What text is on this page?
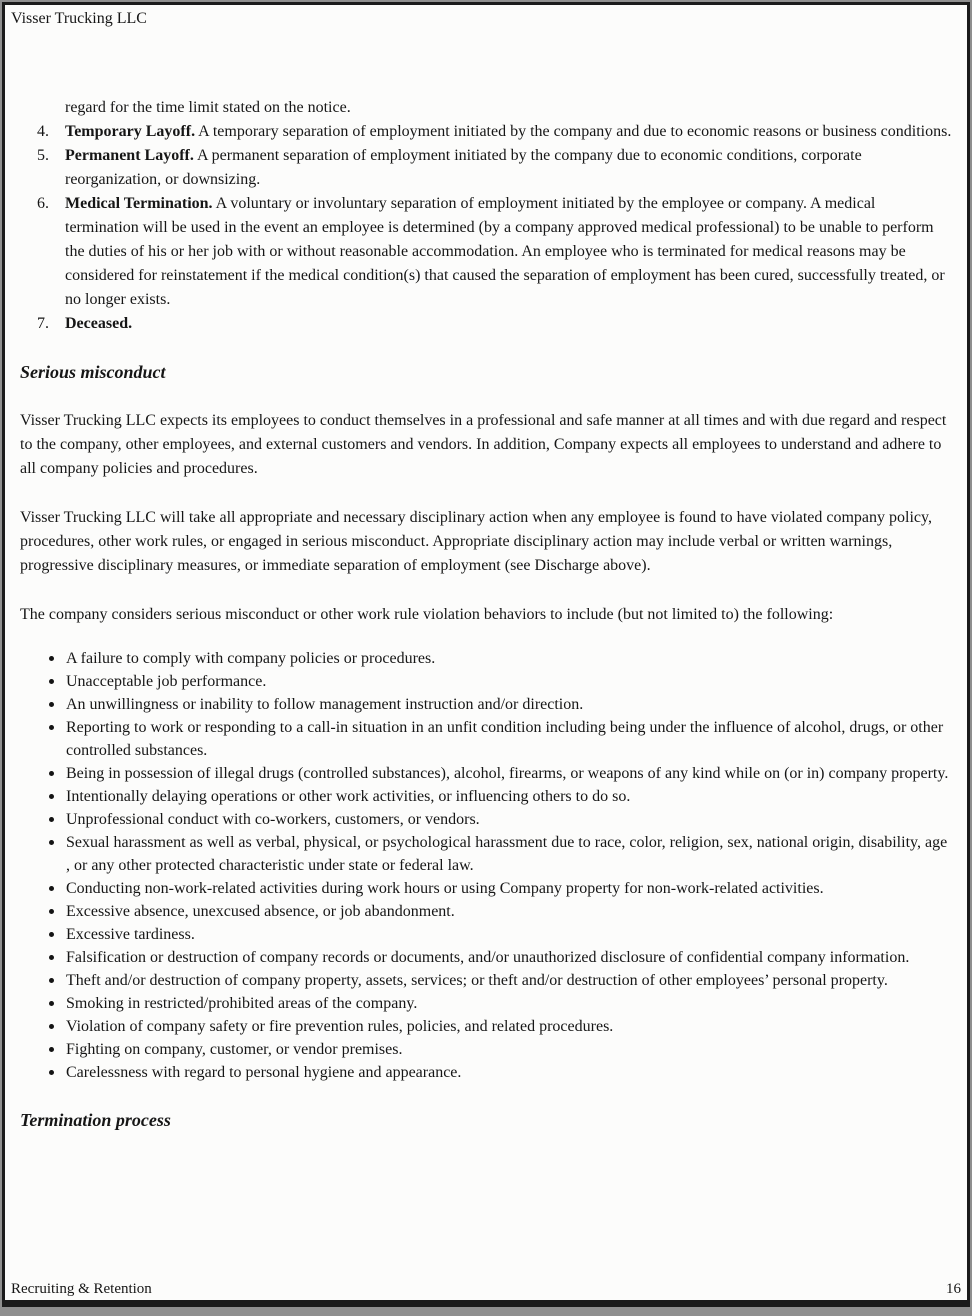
Visser Trucking LLC
regard for the time limit stated on the notice.
4.	Temporary Layoff. A temporary separation of employment initiated by the company and due to economic reasons or business conditions.
5.	Permanent Layoff. A permanent separation of employment initiated by the company due to economic conditions, corporate reorganization, or downsizing.
6.	Medical Termination. A voluntary or involuntary separation of employment initiated by the employee or company. A medical termination will be used in the event an employee is determined (by a company approved medical professional) to be unable to perform the duties of his or her job with or without reasonable accommodation. An employee who is terminated for medical reasons may be considered for reinstatement if the medical condition(s) that caused the separation of employment has been cured, successfully treated, or no longer exists.
7.	Deceased.
Serious misconduct

Visser Trucking LLC expects its employees to conduct themselves in a professional and safe manner at all times and with due regard and respect to the company, other employees, and external customers and vendors. In addition, Company expects all employees to understand and adhere to all company policies and procedures.

Visser Trucking LLC will take all appropriate and necessary disciplinary action when any employee is found to have violated company policy, procedures, other work rules, or engaged in serious misconduct. Appropriate disciplinary action may include verbal or written warnings, progressive disciplinary measures, or immediate separation of employment (see Discharge above).

The company considers serious misconduct or other work rule violation behaviors to include (but not limited to) the following:

A failure to comply with company policies or procedures.
Unacceptable job performance.
An unwillingness or inability to follow management instruction and/or direction.
Reporting to work or responding to a call-in situation in an unfit condition including being under the influence of alcohol, drugs, or other controlled substances.
Being in possession of illegal drugs (controlled substances), alcohol, firearms, or weapons of any kind while on (or in) company property.
Intentionally delaying operations or other work activities, or influencing others to do so.
Unprofessional conduct with co-workers, customers, or vendors.
Sexual harassment as well as verbal, physical, or psychological harassment due to race, color, religion, sex, national origin, disability, age , or any other protected characteristic under state or federal law.
Conducting non-work-related activities during work hours or using Company property for non-work-related activities.
Excessive absence, unexcused absence, or job abandonment.
Excessive tardiness.
Falsification or destruction of company records or documents, and/or unauthorized disclosure of confidential company information.
Theft and/or destruction of company property, assets, services; or theft and/or destruction of other employees’ personal property.
Smoking in restricted/prohibited areas of the company.
Violation of company safety or fire prevention rules, policies, and related procedures.
Fighting on company, customer, or vendor premises.
Carelessness with regard to personal hygiene and appearance.
Termination process
Recruiting & Retention	16
